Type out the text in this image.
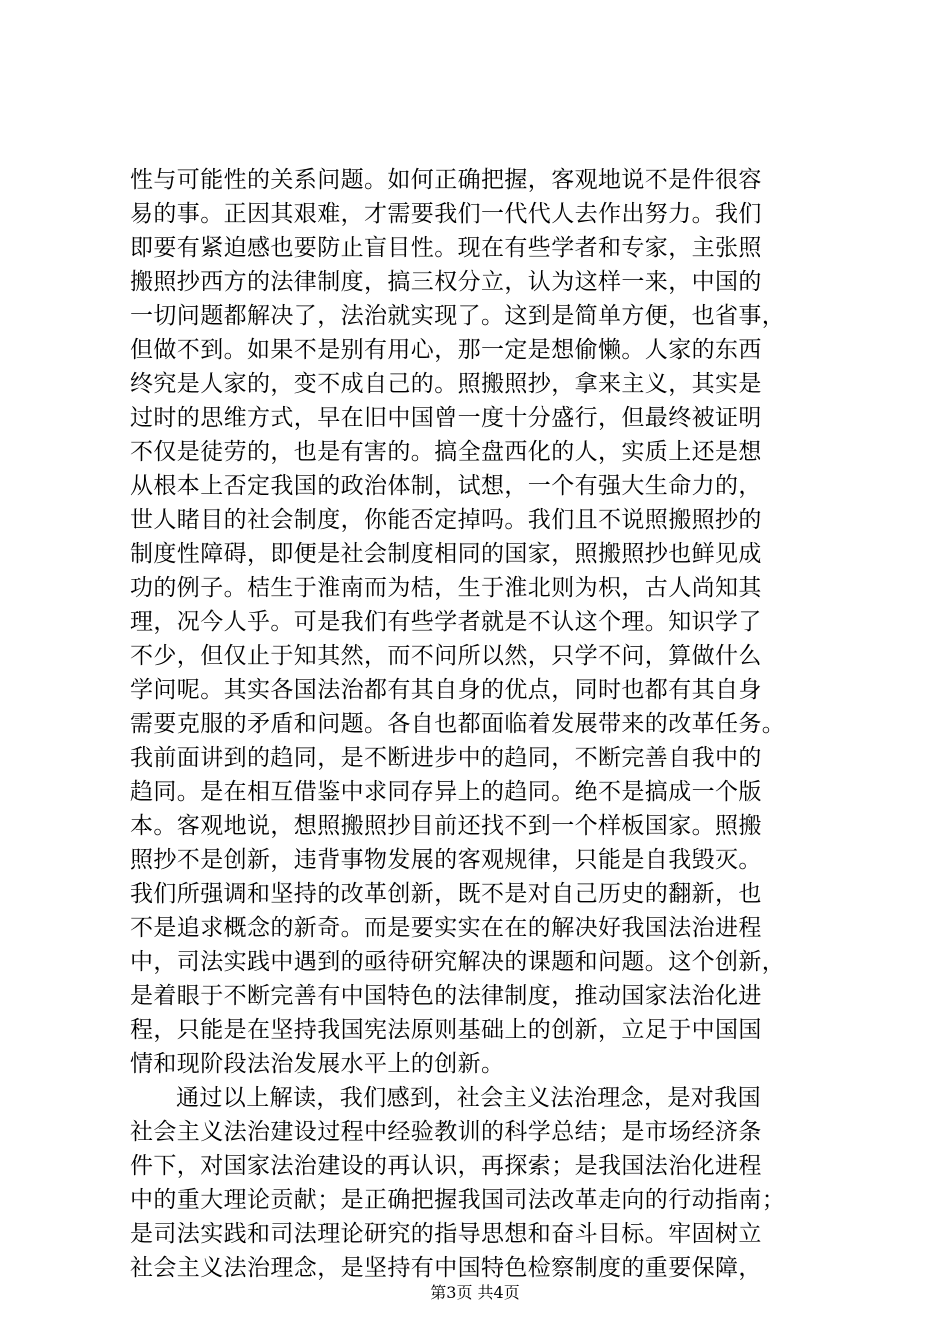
性与可能性的关系问题。如何正确把握，客观地说不是件很容
易的事。正因其艰难，才需要我们一代代人去作出努力。我们
即要有紧迫感也要防止盲目性。现在有些学者和专家，主张照
搬照抄西方的法律制度，搞三权分立，认为这样一来，中国的
一切问题都解决了，法治就实现了。这到是简单方便，也省事，
但做不到。如果不是别有用心，那一定是想偷懒。人家的东西
终究是人家的，变不成自己的。照搬照抄，拿来主义，其实是
过时的思维方式，早在旧中国曾一度十分盛行，但最终被证明
不仅是徒劳的，也是有害的。搞全盘西化的人，实质上还是想
从根本上否定我国的政治体制，试想，一个有强大生命力的，
世人睹目的社会制度，你能否定掉吗。我们且不说照搬照抄的
制度性障碍，即便是社会制度相同的国家，照搬照抄也鲜见成
功的例子。桔生于淮南而为桔，生于淮北则为枳，古人尚知其
理，况今人乎。可是我们有些学者就是不认这个理。知识学了
不少，但仅止于知其然，而不问所以然，只学不问，算做什么
学问呢。其实各国法治都有其自身的优点，同时也都有其自身
需要克服的矛盾和问题。各自也都面临着发展带来的改革任务。
我前面讲到的趋同，是不断进步中的趋同，不断完善自我中的
趋同。是在相互借鉴中求同存异上的趋同。绝不是搞成一个版
本。客观地说，想照搬照抄目前还找不到一个样板国家。照搬
照抄不是创新，违背事物发展的客观规律，只能是自我毁灭。
我们所强调和坚持的改革创新，既不是对自己历史的翻新，也
不是追求概念的新奇。而是要实实在在的解决好我国法治进程
中，司法实践中遇到的亟待研究解决的课题和问题。这个创新，
是着眼于不断完善有中国特色的法律制度，推动国家法治化进
程，只能是在坚持我国宪法原则基础上的创新，立足于中国国
情和现阶段法治发展水平上的创新。
通过以上解读，我们感到，社会主义法治理念，是对我国
社会主义法治建设过程中经验教训的科学总结；是市场经济条
件下，对国家法治建设的再认识，再探索；是我国法治化进程
中的重大理论贡献；是正确把握我国司法改革走向的行动指南；
是司法实践和司法理论研究的指导思想和奋斗目标。牢固树立
社会主义法治理念，是坚持有中国特色检察制度的重要保障，
第3页 共4页
